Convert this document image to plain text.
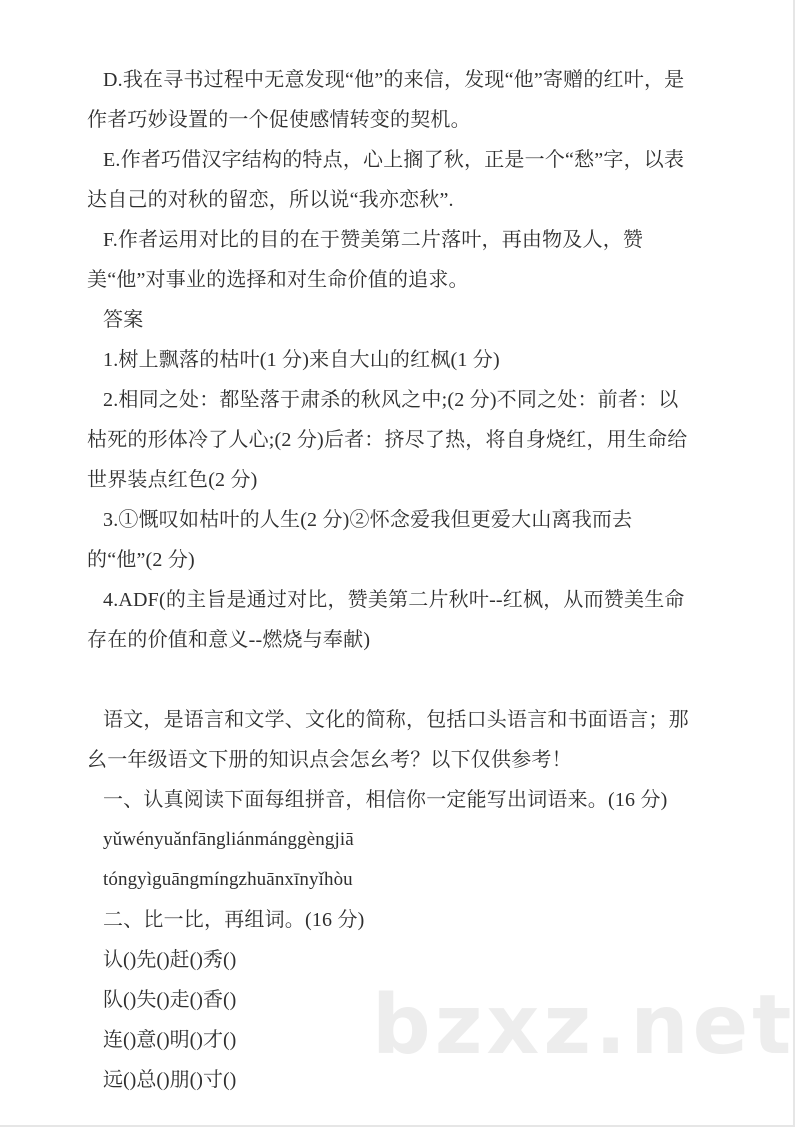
D.我在寻书过程中无意发现“他”的来信，发现“他”寄赠的红叶，是作者巧妙设置的一个促使感情转变的契机。

E.作者巧借汉字结构的特点，心上搁了秋，正是一个“愁”字，以表达自己的对秋的留恋，所以说“我亦恋秋”.

F.作者运用对比的目的在于赞美第二片落叶，再由物及人，赞美“他”对事业的选择和对生命价值的追求。

答案

1.树上飘落的枯叶(1 分)来自大山的红枫(1 分)

2.相同之处：都坠落于肃杀的秋风之中;(2 分)不同之处：前者：以枯死的形体冷了人心;(2 分)后者：挤尽了热，将自身烧红，用生命给世界装点红色(2 分)

3.①慨叹如枯叶的人生(2 分)②怀念爱我但更爱大山离我而去的“他”(2 分)

4.ADF(的主旨是通过对比，赞美第二片秋叶--红枫，从而赞美生命存在的价值和意义--燃烧与奉献)

语文，是语言和文学、文化的简称，包括口头语言和书面语言；那幺一年级语文下册的知识点会怎幺考？以下仅供参考！

一、认真阅读下面每组拼音，相信你一定能写出词语来。(16 分)

yǔwényuǎnfāngliánmánggèngjiā

tóngyìguāngmíngzhuānxīnyǐhòu

二、比一比，再组词。(16 分)

认()先()赶()秀()

队()失()走()香()

连()意()明()才()

远()总()朋()寸()

bzxz.net
